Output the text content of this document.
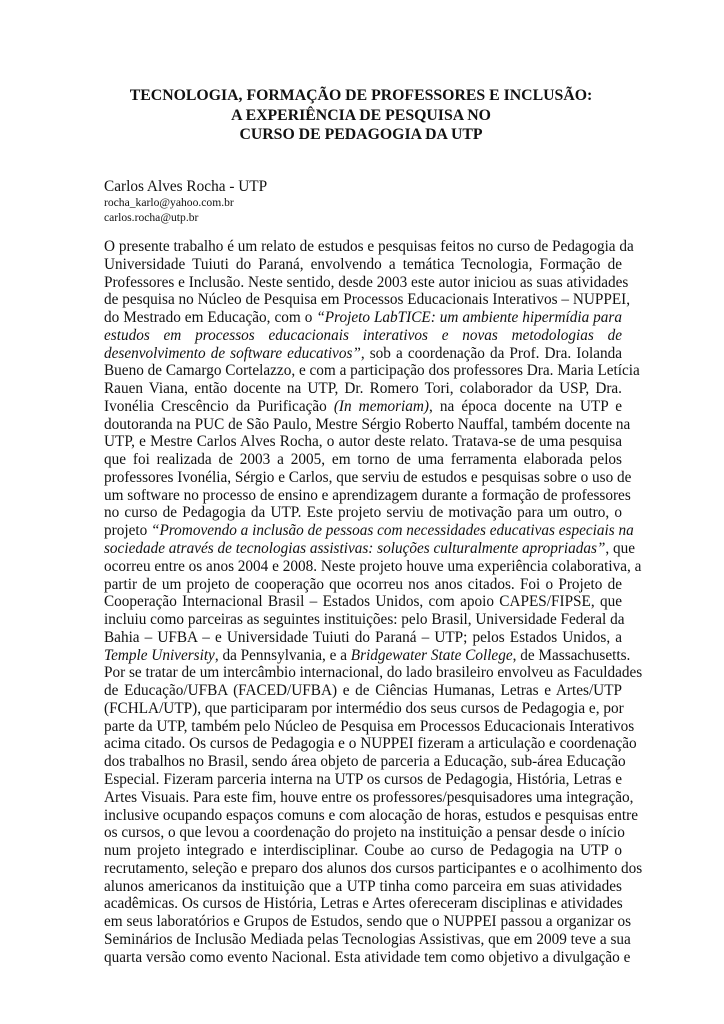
TECNOLOGIA, FORMAÇÃO DE PROFESSORES E INCLUSÃO:
A EXPERIÊNCIA DE PESQUISA NO
CURSO DE PEDAGOGIA DA UTP
Carlos Alves Rocha - UTP
rocha_karlo@yahoo.com.br
carlos.rocha@utp.br
O presente trabalho é um relato de estudos e pesquisas feitos no curso de Pedagogia da
Universidade Tuiuti do Paraná, envolvendo a temática Tecnologia, Formação de
Professores e Inclusão. Neste sentido, desde 2003 este autor iniciou as suas atividades
de pesquisa no Núcleo de Pesquisa em Processos Educacionais Interativos – NUPPEI,
do Mestrado em Educação, com o “Projeto LabTICE: um ambiente hipermídia para
estudos em processos educacionais interativos e novas metodologias de
desenvolvimento de software educativos”, sob a coordenação da Prof. Dra. Iolanda
Bueno de Camargo Cortelazzo, e com a participação dos professores Dra. Maria Letícia
Rauen Viana, então docente na UTP, Dr. Romero Tori, colaborador da USP, Dra.
Ivonélia Crescêncio da Purificação (In memoriam), na época docente na UTP e
doutoranda na PUC de São Paulo, Mestre Sérgio Roberto Nauffal, também docente na
UTP, e Mestre Carlos Alves Rocha, o autor deste relato. Tratava-se de uma pesquisa
que foi realizada de 2003 a 2005, em torno de uma ferramenta elaborada pelos
professores Ivonélia, Sérgio e Carlos, que serviu de estudos e pesquisas sobre o uso de
um software no processo de ensino e aprendizagem durante a formação de professores
no curso de Pedagogia da UTP. Este projeto serviu de motivação para um outro, o
projeto “Promovendo a inclusão de pessoas com necessidades educativas especiais na
sociedade através de tecnologias assistivas: soluções culturalmente apropriadas”, que
ocorreu entre os anos 2004 e 2008. Neste projeto houve uma experiência colaborativa, a
partir de um projeto de cooperação que ocorreu nos anos citados. Foi o Projeto de
Cooperação Internacional Brasil – Estados Unidos, com apoio CAPES/FIPSE, que
incluiu como parceiras as seguintes instituições: pelo Brasil, Universidade Federal da
Bahia – UFBA – e Universidade Tuiuti do Paraná – UTP; pelos Estados Unidos, a
Temple University, da Pennsylvania, e a Bridgewater State College, de Massachusetts.
Por se tratar de um intercâmbio internacional, do lado brasileiro envolveu as Faculdades
de Educação/UFBA (FACED/UFBA) e de Ciências Humanas, Letras e Artes/UTP
(FCHLA/UTP), que participaram por intermédio dos seus cursos de Pedagogia e, por
parte da UTP, também pelo Núcleo de Pesquisa em Processos Educacionais Interativos
acima citado. Os cursos de Pedagogia e o NUPPEI fizeram a articulação e coordenação
dos trabalhos no Brasil, sendo área objeto de parceria a Educação, sub-área Educação
Especial. Fizeram parceria interna na UTP os cursos de Pedagogia, História, Letras e
Artes Visuais. Para este fim, houve entre os professores/pesquisadores uma integração,
inclusive ocupando espaços comuns e com alocação de horas, estudos e pesquisas entre
os cursos, o que levou a coordenação do projeto na instituição a pensar desde o início
num projeto integrado e interdisciplinar. Coube ao curso de Pedagogia na UTP o
recrutamento, seleção e preparo dos alunos dos cursos participantes e o acolhimento dos
alunos americanos da instituição que a UTP tinha como parceira em suas atividades
acadêmicas. Os cursos de História, Letras e Artes ofereceram disciplinas e atividades
em seus laboratórios e Grupos de Estudos, sendo que o NUPPEI passou a organizar os
Seminários de Inclusão Mediada pelas Tecnologias Assistivas, que em 2009 teve a sua
quarta versão como evento Nacional. Esta atividade tem como objetivo a divulgação e
